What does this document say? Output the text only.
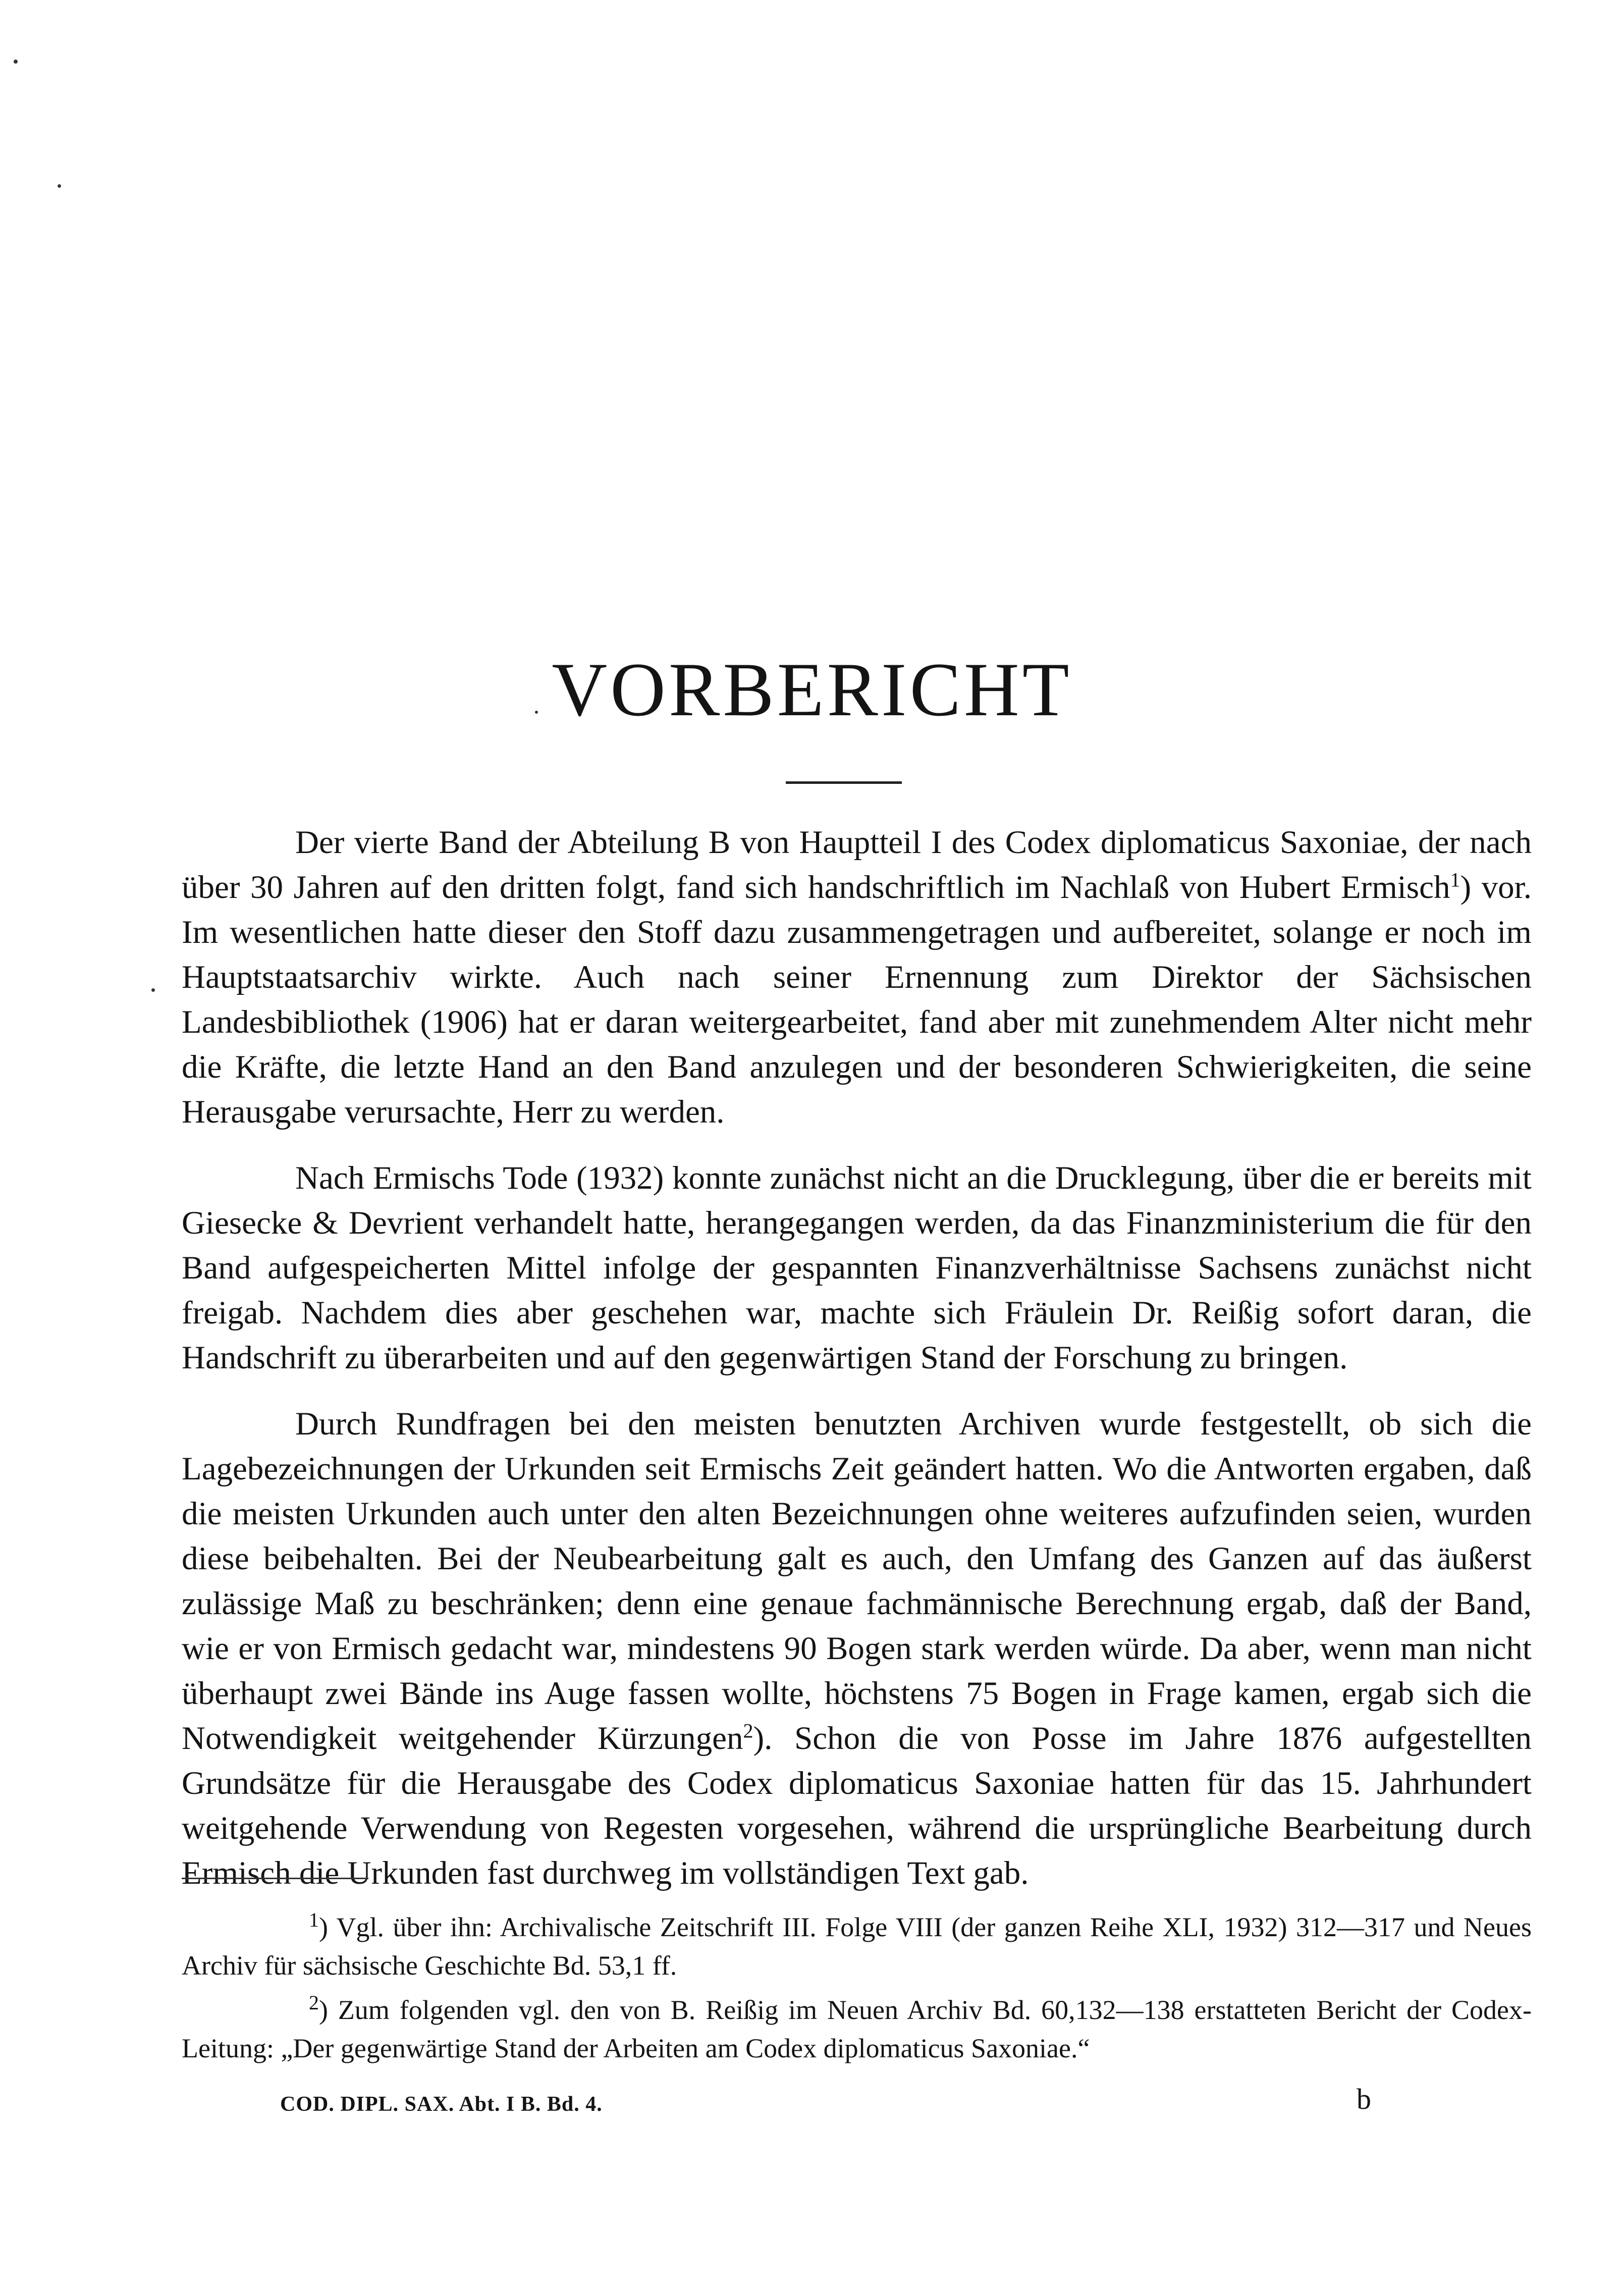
VORBERICHT

Der vierte Band der Abteilung B von Hauptteil I des Codex diplomaticus Saxoniae, der nach über 30 Jahren auf den dritten folgt, fand sich handschriftlich im Nachlaß von Hubert Ermisch$^1$) vor. Im wesentlichen hatte dieser den Stoff dazu zusammengetragen und aufbereitet, solange er noch im Hauptstaatsarchiv wirkte. Auch nach seiner Ernennung zum Direktor der Sächsischen Landesbibliothek (1906) hat er daran weitergearbeitet, fand aber mit zunehmendem Alter nicht mehr die Kräfte, die letzte Hand an den Band anzulegen und der besonderen Schwierigkeiten, die seine Herausgabe verursachte, Herr zu werden.

Nach Ermischs Tode (1932) konnte zunächst nicht an die Drucklegung, über die er bereits mit Giesecke & Devrient verhandelt hatte, herangegangen werden, da das Finanzministerium die für den Band aufgespeicherten Mittel infolge der gespannten Finanzverhältnisse Sachsens zunächst nicht freigab. Nachdem dies aber geschehen war, machte sich Fräulein Dr. Reißig sofort daran, die Handschrift zu überarbeiten und auf den gegenwärtigen Stand der Forschung zu bringen.

Durch Rundfragen bei den meisten benutzten Archiven wurde festgestellt, ob sich die Lagebezeichnungen der Urkunden seit Ermischs Zeit geändert hatten. Wo die Antworten ergaben, daß die meisten Urkunden auch unter den alten Bezeichnungen ohne weiteres aufzufinden seien, wurden diese beibehalten. Bei der Neubearbeitung galt es auch, den Umfang des Ganzen auf das äußerst zulässige Maß zu beschränken; denn eine genaue fachmännische Berechnung ergab, daß der Band, wie er von Ermisch gedacht war, mindestens 90 Bogen stark werden würde. Da aber, wenn man nicht überhaupt zwei Bände ins Auge fassen wollte, höchstens 75 Bogen in Frage kamen, ergab sich die Notwendigkeit weitgehender Kürzungen$^2$). Schon die von Posse im Jahre 1876 aufgestellten Grundsätze für die Herausgabe des Codex diplomaticus Saxoniae hatten für das 15. Jahrhundert weitgehende Verwendung von Regesten vorgesehen, während die ursprüngliche Bearbeitung durch Ermisch die Urkunden fast durchweg im vollständigen Text gab.

$^1$) Vgl. über ihn: Archivalische Zeitschrift III. Folge VIII (der ganzen Reihe XLI, 1932) 312—317 und Neues Archiv für sächsische Geschichte Bd. 53,1 ff.

$^2$) Zum folgenden vgl. den von B. Reißig im Neuen Archiv Bd. 60,132—138 erstatteten Bericht der Codex-Leitung: „Der gegenwärtige Stand der Arbeiten am Codex diplomaticus Saxoniae.“

COD. DIPL. SAX. Abt. I B. Bd. 4.	b
